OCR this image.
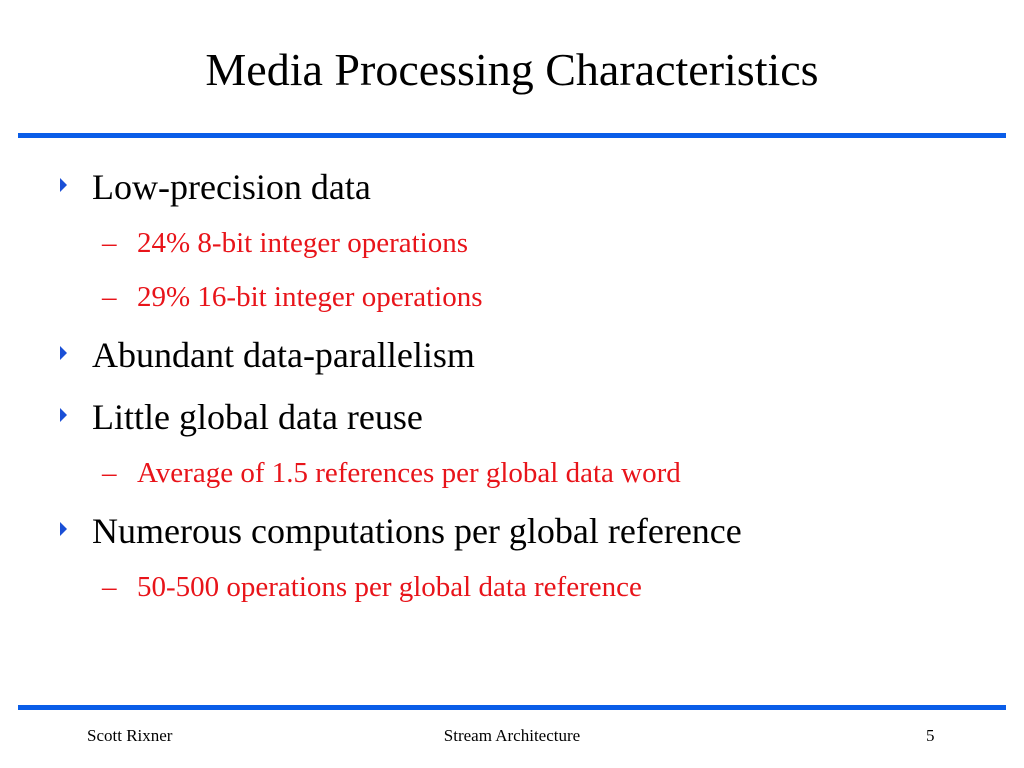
Media Processing Characteristics
Low-precision data
– 24% 8-bit integer operations
– 29% 16-bit integer operations
Abundant data-parallelism
Little global data reuse
– Average of 1.5 references per global data word
Numerous computations per global reference
– 50-500 operations per global data reference
Scott Rixner	Stream Architecture	5
